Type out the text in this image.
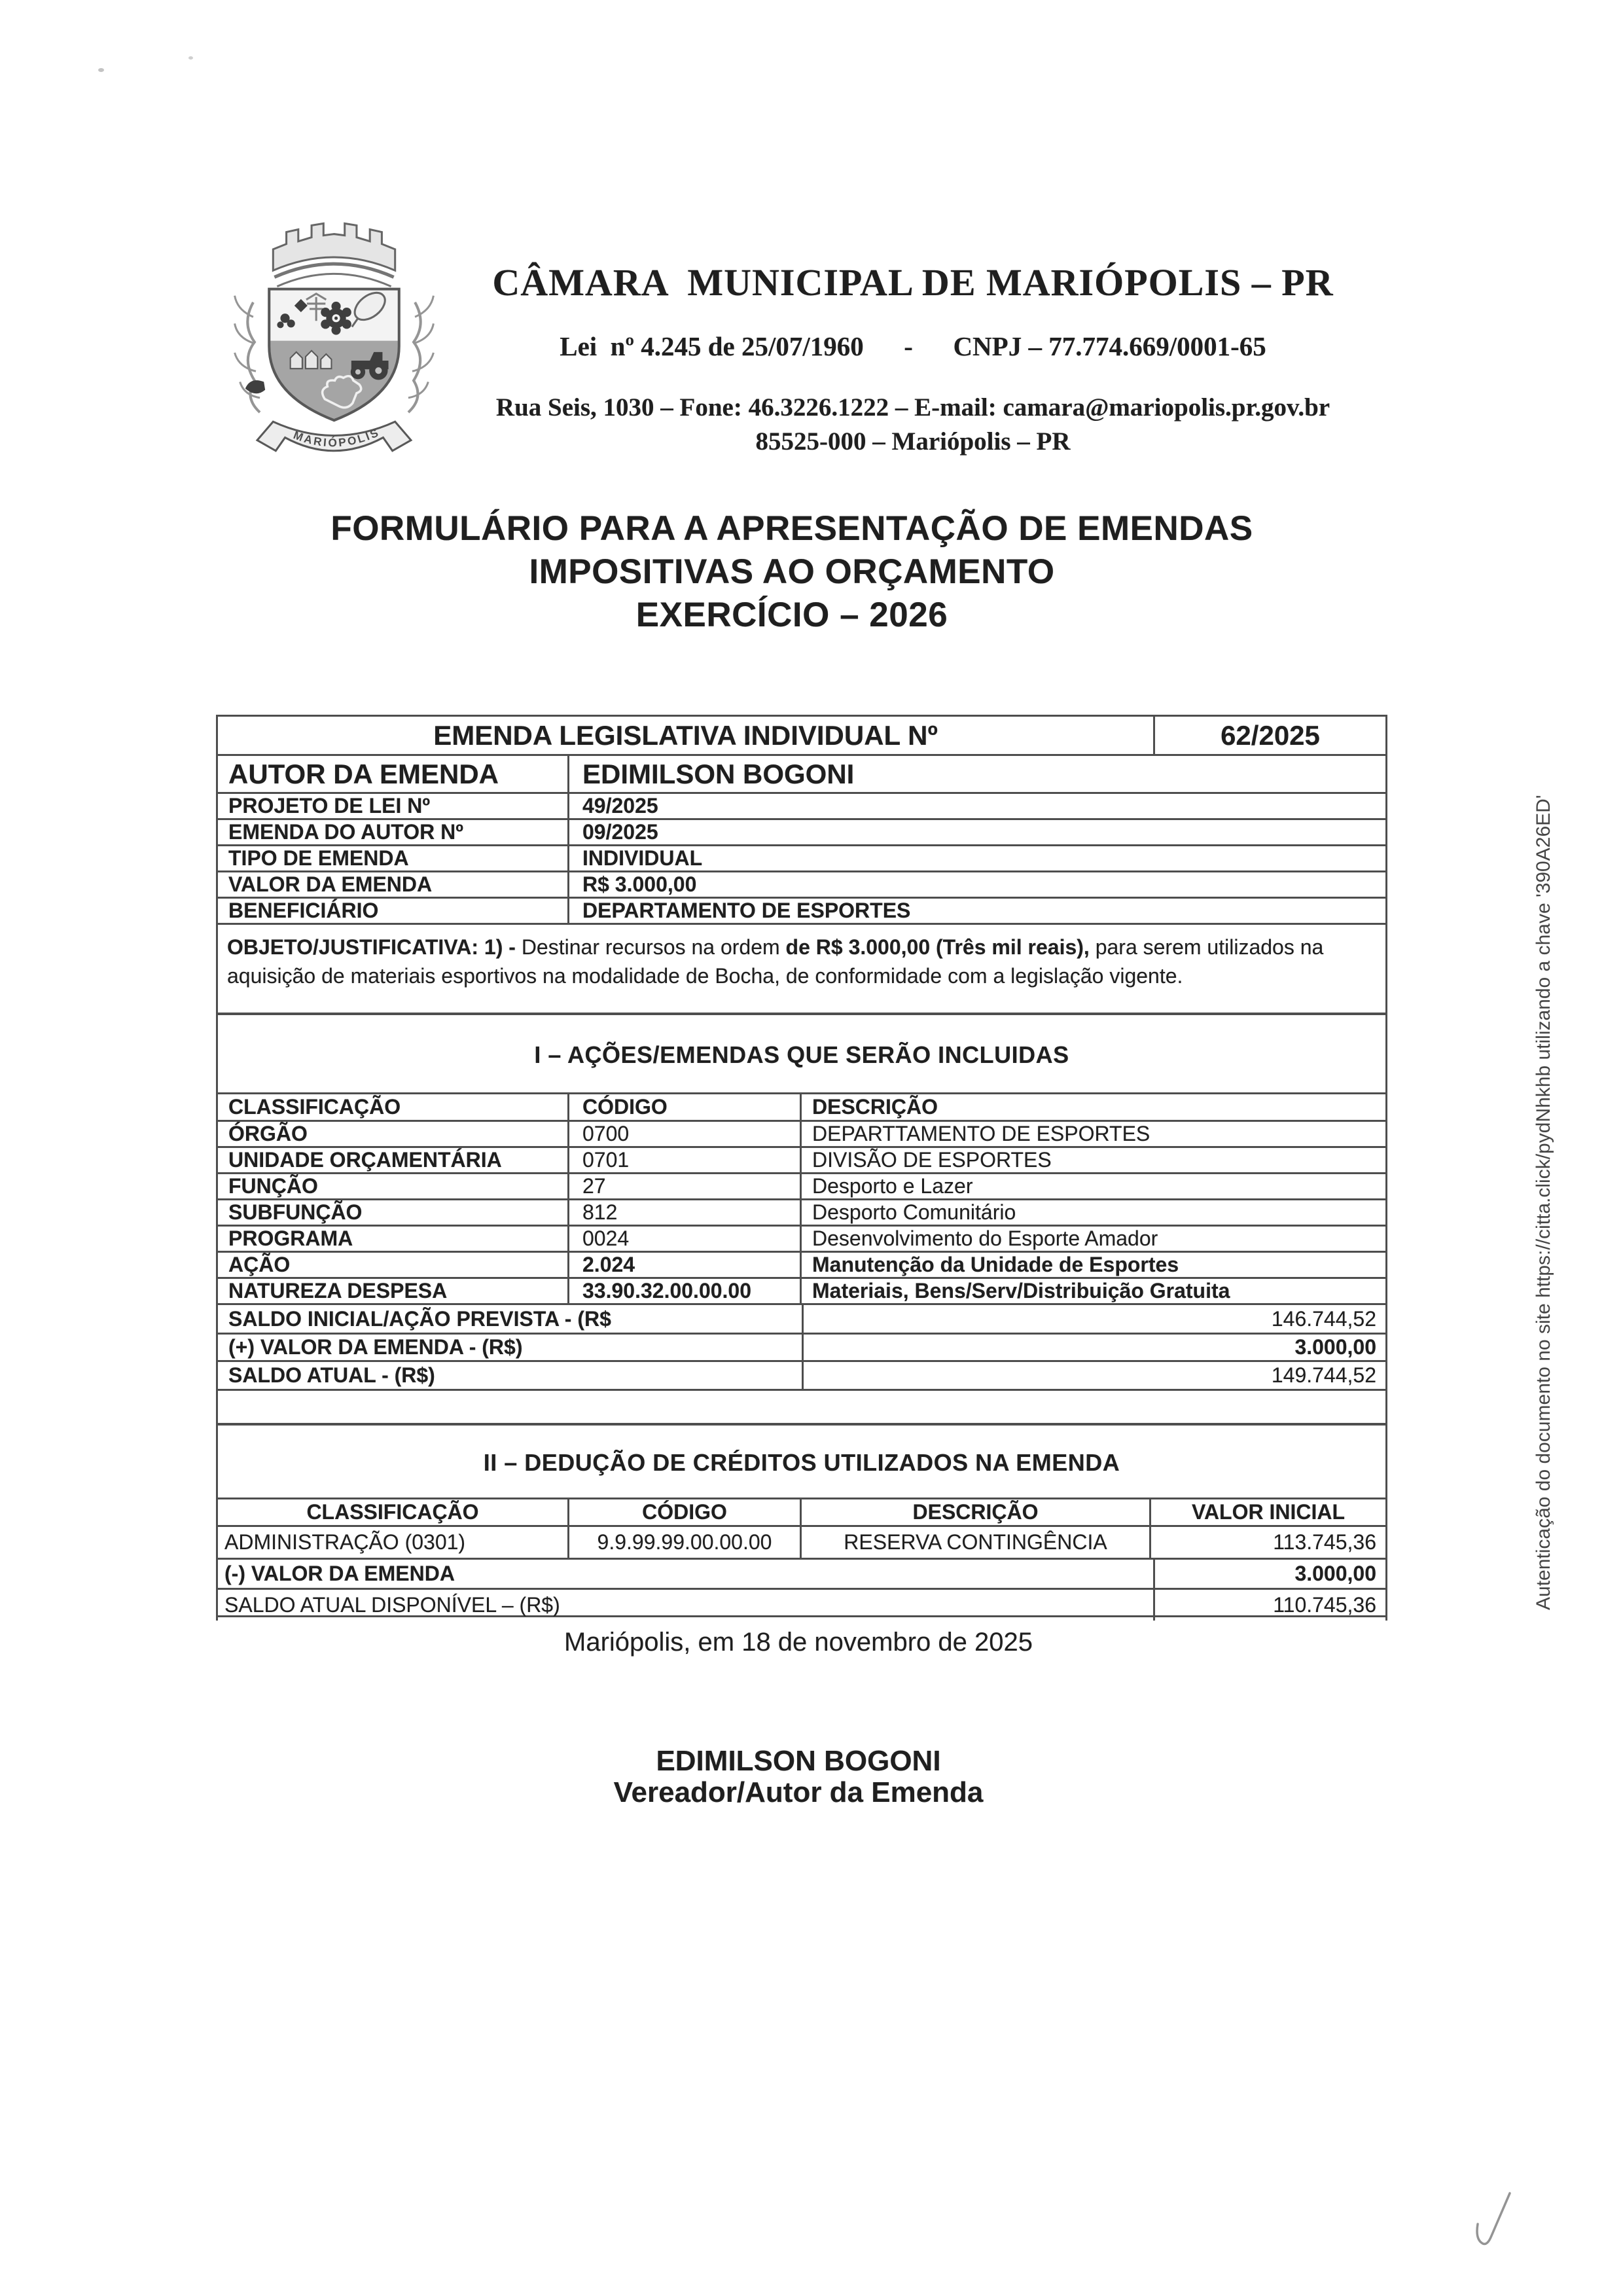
MARIÓPOLIS
CÂMARA  MUNICIPAL DE MARIÓPOLIS – PR
Lei  nº 4.245 de 25/07/1960      -      CNPJ – 77.774.669/0001-65
Rua Seis, 1030 – Fone: 46.3226.1222 – E-mail: camara@mariopolis.pr.gov.br
85525-000 – Mariópolis – PR
FORMULÁRIO PARA A APRESENTAÇÃO DE EMENDAS
IMPOSITIVAS AO ORÇAMENTO
EXERCÍCIO – 2026
EMENDA LEGISLATIVA INDIVIDUAL Nº	62/2025
AUTOR DA EMENDA	EDIMILSON BOGONI
PROJETO DE LEI Nº	49/2025
EMENDA DO AUTOR Nº	09/2025
TIPO DE EMENDA	INDIVIDUAL
VALOR DA EMENDA	R$ 3.000,00
BENEFICIÁRIO	DEPARTAMENTO DE ESPORTES
OBJETO/JUSTIFICATIVA: 1) - Destinar recursos na ordem de R$ 3.000,00 (Três mil reais), para serem utilizados na aquisição de materiais esportivos na modalidade de Bocha, de conformidade com a legislação vigente.
I – AÇÕES/EMENDAS QUE SERÃO INCLUIDAS
CLASSIFICAÇÃO	CÓDIGO	DESCRIÇÃO
ÓRGÃO	0700	DEPARTTAMENTO DE ESPORTES
UNIDADE ORÇAMENTÁRIA	0701	DIVISÃO DE ESPORTES
FUNÇÃO	27	Desporto e Lazer
SUBFUNÇÃO	812	Desporto Comunitário
PROGRAMA	0024	Desenvolvimento do Esporte Amador
AÇÃO	2.024	Manutenção da Unidade de Esportes
NATUREZA DESPESA	33.90.32.00.00.00	Materiais, Bens/Serv/Distribuição Gratuita
SALDO INICIAL/AÇÃO PREVISTA - (R$	146.744,52
(+) VALOR DA EMENDA - (R$)	3.000,00
SALDO ATUAL - (R$)	149.744,52
II – DEDUÇÃO DE CRÉDITOS UTILIZADOS NA EMENDA
CLASSIFICAÇÃO	CÓDIGO	DESCRIÇÃO	VALOR INICIAL
ADMINISTRAÇÃO (0301)	9.9.99.99.00.00.00	RESERVA CONTINGÊNCIA	113.745,36
(-) VALOR DA EMENDA	3.000,00
SALDO ATUAL DISPONÍVEL – (R$)	110.745,36
Mariópolis, em 18 de novembro de 2025
EDIMILSON BOGONI
Vereador/Autor da Emenda
Autenticação do documento no site https://citta.click/pydNhkhb utilizando a chave '390A26ED'
